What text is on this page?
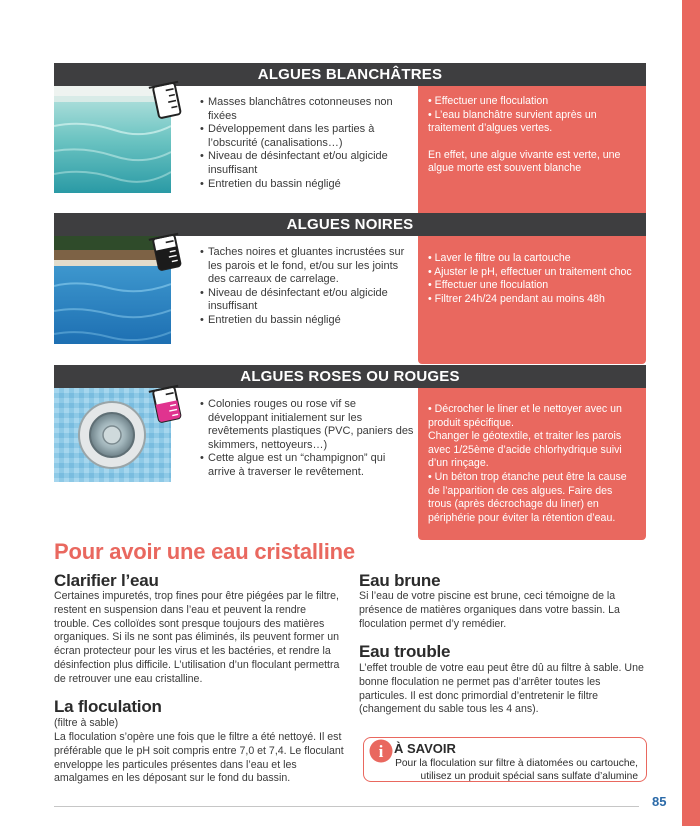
ALGUES BLANCHÂTRES
• Masses blanchâtres cotonneuses non fixées
• Développement dans les parties à l’obscurité (canalisations…)
• Niveau de désinfectant et/ou algicide insuffisant
• Entretien du bassin négligé

• Effectuer une floculation

• L’eau blanchâtre survient après un traitement d’algues vertes.

En effet, une algue vivante est verte, une algue morte est souvent blanche

ALGUES NOIRES
• Taches noires et gluantes incrustées sur les parois et le fond, et/ou sur les joints des carreaux de carrelage.
• Niveau de désinfectant et/ou algicide insuffisant
• Entretien du bassin négligé

• Laver le filtre ou la cartouche

• Ajuster le pH, effectuer un traitement choc

• Effectuer une floculation

• Filtrer 24h/24 pendant au moins 48h

ALGUES ROSES OU ROUGES
• Colonies rouges ou rose vif se développant initialement sur les revêtements plastiques (PVC, paniers des skimmers, nettoyeurs…)
• Cette algue est un “champignon” qui arrive à traverser le revêtement.

• Décrocher le liner et le nettoyer avec un produit spécifique.

Changer le géotextile, et traiter les parois avec 1/25ème d’acide chlorhydrique suivi d’un rinçage.

• Un béton trop étanche peut être la cause de l’apparition de ces algues. Faire des trous (après décrochage du liner) en périphérie pour éviter la rétention d’eau.

Pour avoir une eau cristalline
Clarifier l’eau
Certaines impuretés, trop fines pour être piégées par le filtre, restent en suspension dans l’eau et peuvent la rendre trouble. Ces colloïdes sont presque toujours des matières organiques. Si ils ne sont pas éliminés, ils peuvent former un écran protecteur pour les virus et les bactéries, et rendre la désinfection plus difficile. L’utilisation d’un floculant permettra de retrouver une eau cristalline.
La floculation
(filtre à sable)
La floculation s’opère une fois que le filtre a été nettoyé. Il est préférable que le pH soit compris entre 7,0 et 7,4. Le floculant enveloppe les particules présentes dans l’eau et les amalgames en les déposant sur le fond du bassin.
Eau brune
Si l’eau de votre piscine est brune, ceci témoigne de la présence de matières organiques dans votre bassin. La floculation permet d’y remédier.
Eau trouble
L’effet trouble de votre eau peut être dû au filtre à sable. Une bonne floculation ne permet pas d’arrêter toutes les particules. Il est donc primordial d’entretenir le filtre (changement du sable tous les 4 ans).
i À SAVOIR
Pour la floculation sur filtre à diatomées ou cartouche, utilisez un produit spécial sans sulfate d’alumine
85
